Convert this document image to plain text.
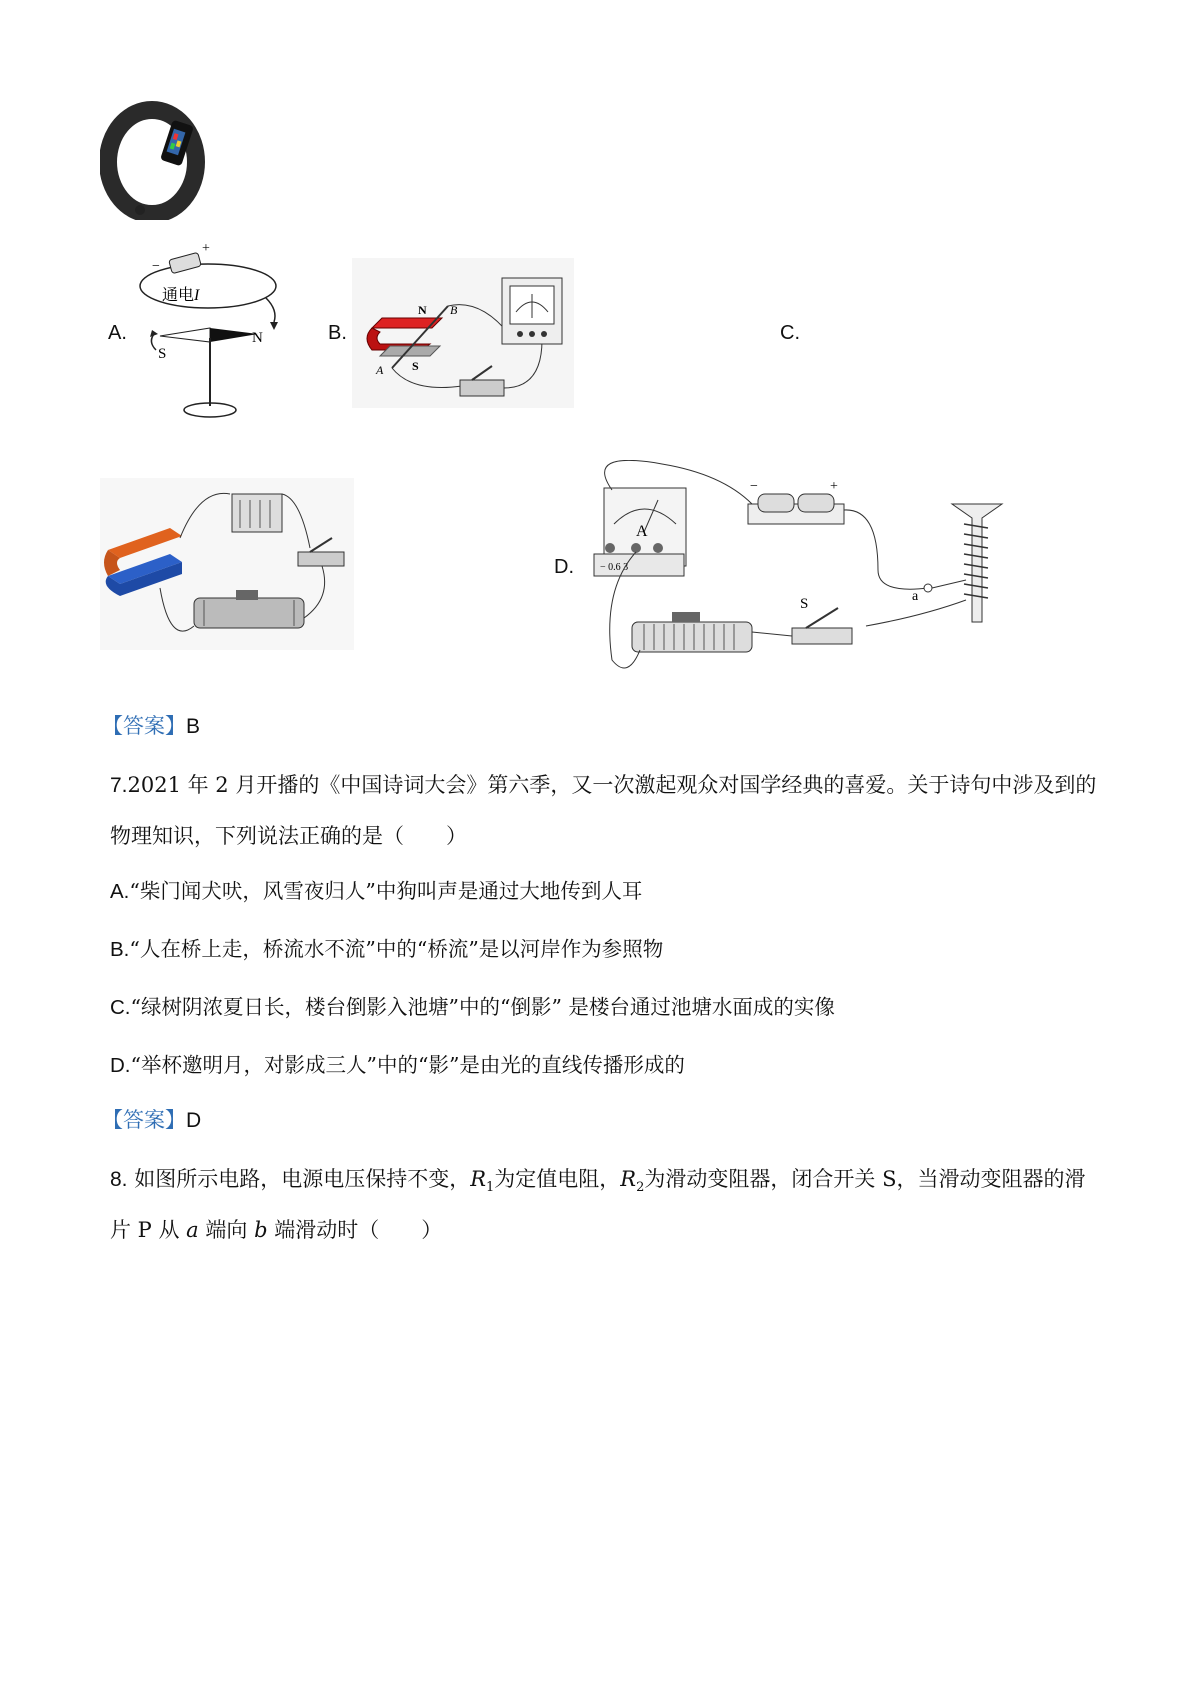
A.
+
−
通电I
S
N	B.
N
S
A
B
C.
D.
A
− 0.6 3
−	+
a
S
【答案】B
7.2021 年 2 月开播的《中国诗词大会》第六季，又一次激起观众对国学经典的喜爱。关于诗句中涉及到的
物理知识，下列说法正确的是（　　）
A.“柴门闻犬吠，风雪夜归人”中狗叫声是通过大地传到人耳
B.“人在桥上走，桥流水不流”中的“桥流”是以河岸作为参照物
C.“绿树阴浓夏日长，楼台倒影入池塘”中的“倒影” 是楼台通过池塘水面成的实像
D.“举杯邀明月，对影成三人”中的“影”是由光的直线传播形成的
【答案】D
8. 如图所示电路，电源电压保持不变，$R_1$为定值电阻，$R_2$为滑动变阻器，闭合开关 S，当滑动变阻器的滑
片 P 从 a 端向 b 端滑动时（　　）
